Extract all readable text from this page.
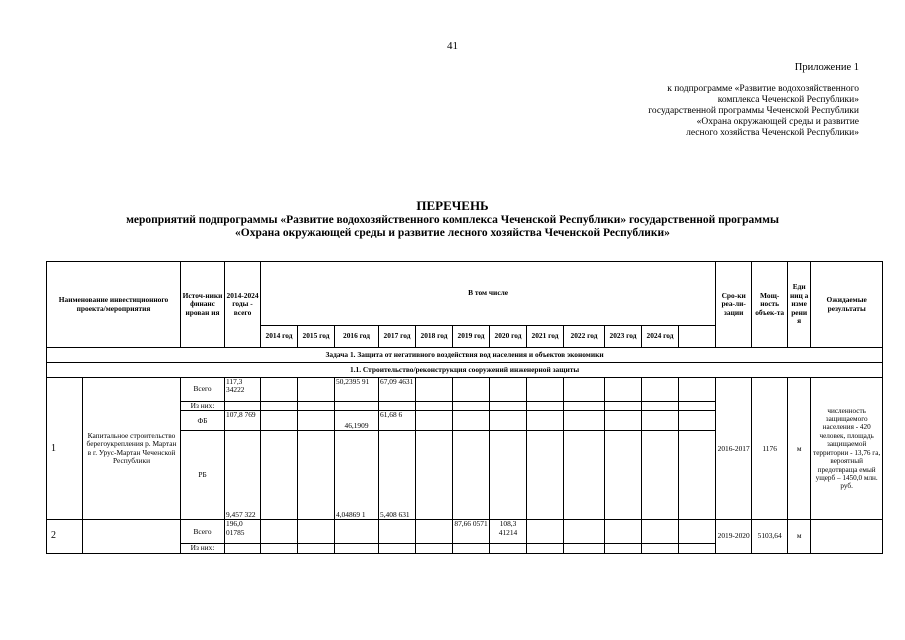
41
Приложение 1
к подпрограмме «Развитие водохозяйственного
комплекса Чеченской Республики»
государственной программы Чеченской Республики
«Охрана окружающей среды и развитие
лесного хозяйства Чеченской Республики»
ПЕРЕЧЕНЬ
мероприятий подпрограммы «Развитие водохозяйственного комплекса Чеченской Республики» государственной программы «Охрана окружающей среды и развитие лесного хозяйства Чеченской Республики»
Наименование инвестиционного проекта/мероприятия		Источ-ники финанс ирован ия	2014-2024 годы - всего	В том числе												Сро-ки реа-ли-зации	Мощ-ность объек-та	Еди ниц а изме рени я	Ожидаемые результаты
				2014 год	2015 год	2016 год	2017 год	2018 год	2019 год	2020 год	2021 год	2022 год	2023 год	2024 год					
Задача 1. Защита от негативного воздействия вод населения и объектов экономики																			
1.1. Строительство/реконструкция сооружений инженерной защиты																			
1	Капитальное строительство берегоукрепления р. Мартан в г. Урус-Мартан Чеченской Республики	Всего	117,3 34222			50,2395 91	67,09 4631									2016-2017	1176	м	численность защищаемого населения - 420 человек, площадь защищаемой территории - 13,76 га, вероятный предотвраща емый ущерб – 1450,0 млн. руб.
		Из них:																	
		ФБ	107,8 769			46,1909	61,68 6												
		РБ	9,457 322			4,04869 1	5,408 631												
2		Всего	196,0 01785						87,66 0571	108,3 41214						2019-2020	5103,64	м	
		Из них:																	
